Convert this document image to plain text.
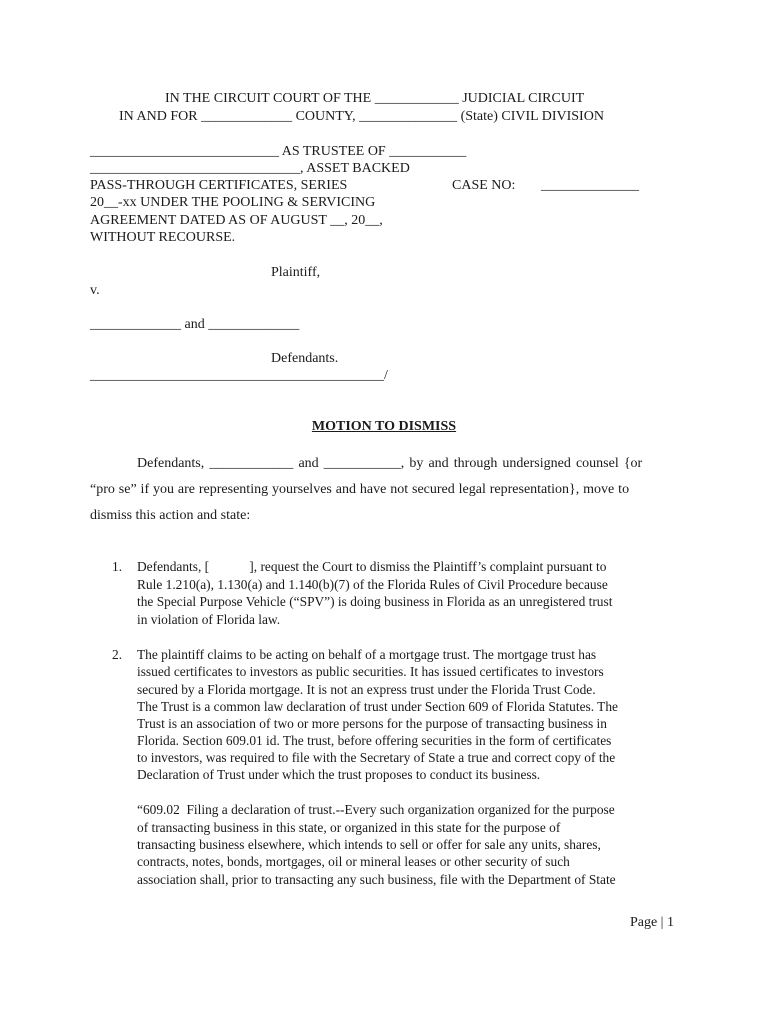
IN THE CIRCUIT COURT OF THE ____________ JUDICIAL CIRCUIT
IN AND FOR _____________ COUNTY, ______________ (State) CIVIL DIVISION
___________________________ AS TRUSTEE OF ___________
______________________________, ASSET BACKED
PASS-THROUGH CERTIFICATES, SERIES	CASE NO: ______________
20__-xx UNDER THE POOLING & SERVICING
AGREEMENT DATED AS OF AUGUST __, 20__,
WITHOUT RECOURSE.
Plaintiff,
v.
_____________ and _____________
Defendants.
__________________________________________/
MOTION TO DISMISS
Defendants, ____________ and ___________, by and through undersigned counsel {or
“pro se” if you are representing yourselves and have not secured legal representation}, move to
dismiss this action and state:
1. Defendants, [            ], request the Court to dismiss the Plaintiff’s complaint pursuant to
Rule 1.210(a), 1.130(a) and 1.140(b)(7) of the Florida Rules of Civil Procedure because
the Special Purpose Vehicle (“SPV”) is doing business in Florida as an unregistered trust
in violation of Florida law.
2. The plaintiff claims to be acting on behalf of a mortgage trust. The mortgage trust has
issued certificates to investors as public securities. It has issued certificates to investors
secured by a Florida mortgage. It is not an express trust under the Florida Trust Code.
The Trust is a common law declaration of trust under Section 609 of Florida Statutes. The
Trust is an association of two or more persons for the purpose of transacting business in
Florida. Section 609.01 id. The trust, before offering securities in the form of certificates
to investors, was required to file with the Secretary of State a true and correct copy of the
Declaration of Trust under which the trust proposes to conduct its business.
“609.02  Filing a declaration of trust.--Every such organization organized for the purpose
of transacting business in this state, or organized in this state for the purpose of
transacting business elsewhere, which intends to sell or offer for sale any units, shares,
contracts, notes, bonds, mortgages, oil or mineral leases or other security of such
association shall, prior to transacting any such business, file with the Department of State
Page | 1
